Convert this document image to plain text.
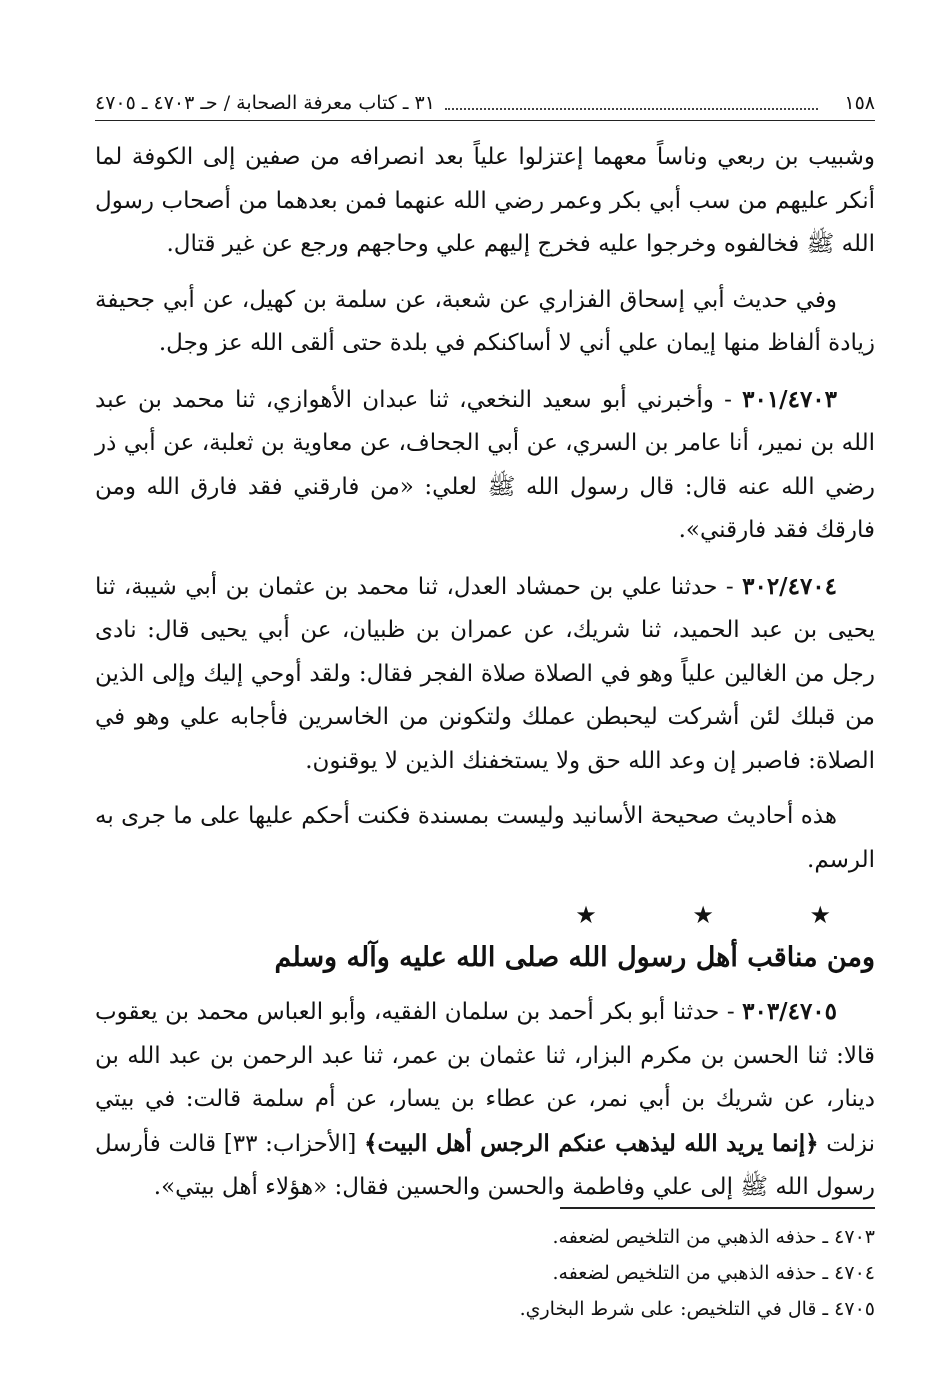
١٥٨
٣١ ـ كتاب معرفة الصحابة / حـ ٤٧٠٣ ـ ٤٧٠٥

وشبيب بن ربعي وناساً معهما إعتزلوا علياً بعد انصرافه من صفين إلى الكوفة لما أنكر عليهم من سب أبي بكر وعمر رضي الله عنهما فمن بعدهما من أصحاب رسول الله ﷺ فخالفوه وخرجوا عليه فخرج إليهم علي وحاجهم ورجع عن غير قتال.

وفي حديث أبي إسحاق الفزاري عن شعبة، عن سلمة بن كهيل، عن أبي جحيفة زيادة ألفاظ منها إيمان علي أني لا أساكنكم في بلدة حتى ألقى الله عز وجل.

٣٠١/٤٧٠٣ - وأخبرني أبو سعيد النخعي، ثنا عبدان الأهوازي، ثنا محمد بن عبد الله بن نمير، أنا عامر بن السري، عن أبي الجحاف، عن معاوية بن ثعلبة، عن أبي ذر رضي الله عنه قال: قال رسول الله ﷺ لعلي: «من فارقني فقد فارق الله ومن فارقك فقد فارقني».

٣٠٢/٤٧٠٤ - حدثنا علي بن حمشاد العدل، ثنا محمد بن عثمان بن أبي شيبة، ثنا يحيى بن عبد الحميد، ثنا شريك، عن عمران بن ظبيان، عن أبي يحيى قال: نادى رجل من الغالين علياً وهو في الصلاة صلاة الفجر فقال: ولقد أوحي إليك وإلى الذين من قبلك لئن أشركت ليحبطن عملك ولتكونن من الخاسرين فأجابه علي وهو في الصلاة: فاصبر إن وعد الله حق ولا يستخفنك الذين لا يوقنون.

هذه أحاديث صحيحة الأسانيد وليست بمسندة فكنت أحكم عليها على ما جرى به الرسم.

★ ★ ★
ومن مناقب أهل رسول الله صلى الله عليه وآله وسلم

٣٠٣/٤٧٠٥ - حدثنا أبو بكر أحمد بن سلمان الفقيه، وأبو العباس محمد بن يعقوب قالا: ثنا الحسن بن مكرم البزار، ثنا عثمان بن عمر، ثنا عبد الرحمن بن عبد الله بن دينار، عن شريك بن أبي نمر، عن عطاء بن يسار، عن أم سلمة قالت: في بيتي نزلت ﴿إنما يريد الله ليذهب عنكم الرجس أهل البيت﴾ [الأحزاب: ٣٣] قالت فأرسل رسول الله ﷺ إلى علي وفاطمة والحسن والحسين فقال: «هؤلاء أهل بيتي».

٤٧٠٣ ـ حذفه الذهبي من التلخيص لضعفه.
٤٧٠٤ ـ حذفه الذهبي من التلخيص لضعفه.
٤٧٠٥ ـ قال في التلخيص: على شرط البخاري.
